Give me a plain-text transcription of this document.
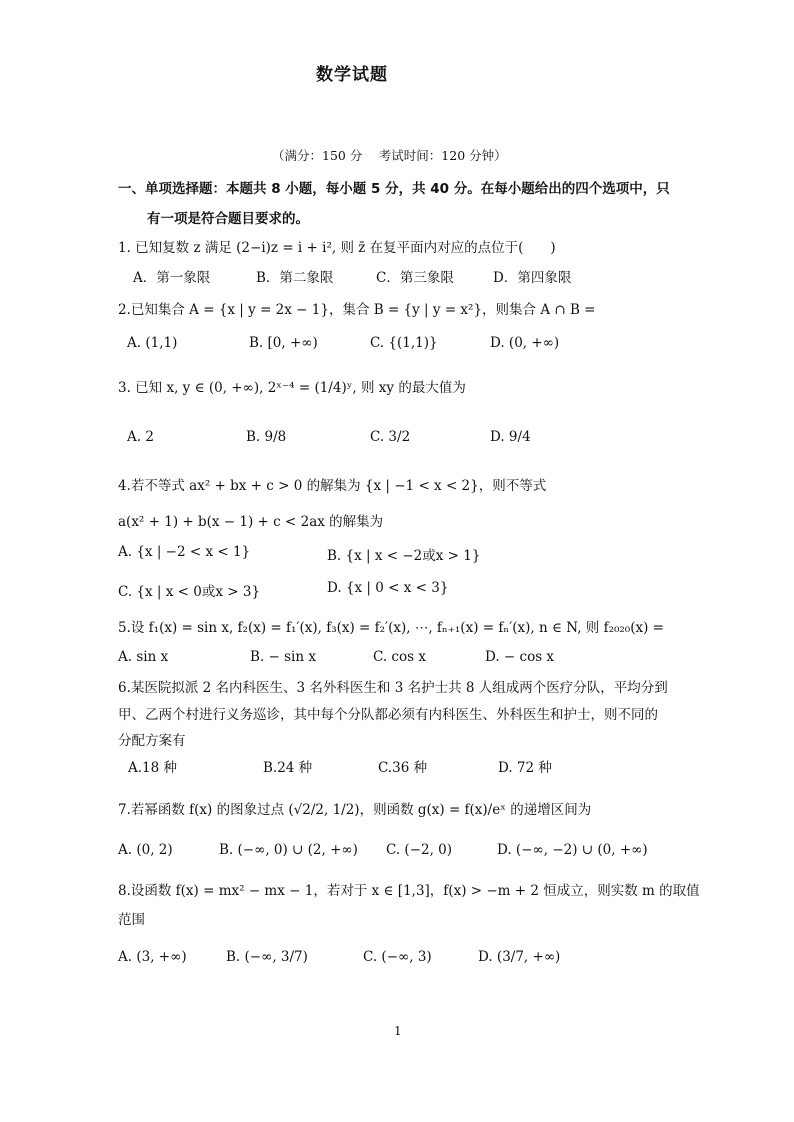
数学试题
（满分：150 分　 考试时间：120 分钟）
一、单项选择题：本题共 8 小题，每小题 5 分，共 40 分。在每小题给出的四个选项中，只
有一项是符合题目要求的。
1. 已知复数 z 满足 (2−i)z = i + i², 则 z̄ 在复平面内对应的点位于(　　)
A．第一象限	B．第二象限	C．第三象限	D．第四象限
2.已知集合 A = {x | y = 2x − 1}，集合 B = {y | y = x²}，则集合 A ∩ B =
A. (1,1)	B. [0, +∞)	C. {(1,1)}	D. (0, +∞)
3. 已知 x, y ∈ (0, +∞), 2ˣ⁻⁴ = (1/4)ʸ, 则 xy 的最大值为
A. 2	B. 9/8	C. 3/2	D. 9/4
4.若不等式 ax² + bx + c > 0 的解集为 {x | −1 < x < 2}，则不等式
a(x² + 1) + b(x − 1) + c < 2ax 的解集为
A. {x | −2 < x < 1}	B. {x | x < −2或x > 1}
C. {x | x < 0或x > 3}	D. {x | 0 < x < 3}
5.设 f₁(x) = sin x, f₂(x) = f₁′(x), f₃(x) = f₂′(x), ⋯, fₙ₊₁(x) = fₙ′(x), n ∈ N, 则 f₂₀₂₀(x) =
A. sin x	B. − sin x	C. cos x	D. − cos x
6.某医院拟派 2 名内科医生、3 名外科医生和 3 名护士共 8 人组成两个医疗分队，平均分到
甲、乙两个村进行义务巡诊，其中每个分队都必须有内科医生、外科医生和护士，则不同的
分配方案有
A.18 种	B.24 种	C.36 种	D. 72 种
7.若幂函数 f(x) 的图象过点 (√2/2, 1/2)，则函数 g(x) = f(x)/eˣ 的递增区间为
A. (0, 2)	B. (−∞, 0) ∪ (2, +∞) C. (−2, 0)	D. (−∞, −2) ∪ (0, +∞)
8.设函数 f(x) = mx² − mx − 1，若对于 x ∈ [1,3]，f(x) > −m + 2 恒成立，则实数 m 的取值
范围
A. (3, +∞)	B. (−∞, 3/7)	C. (−∞, 3)	D. (3/7, +∞)
1
